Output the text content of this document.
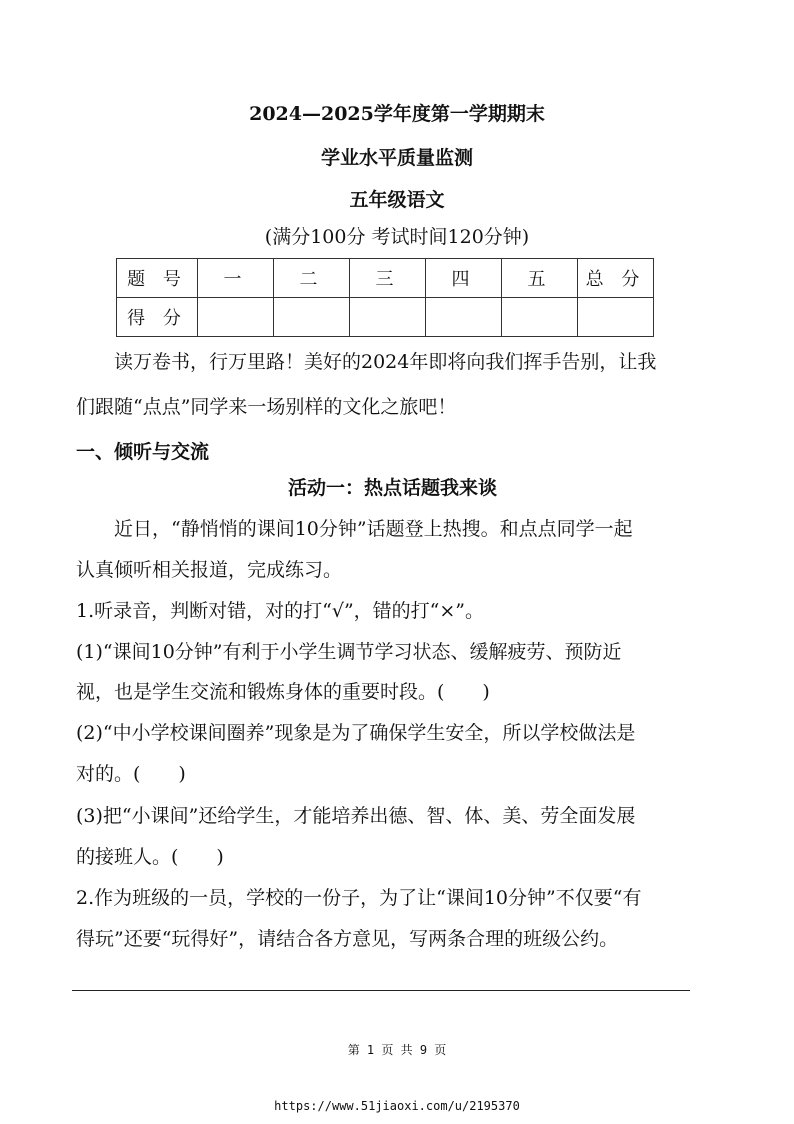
2024—2025学年度第一学期期末
学业水平质量监测
五年级语文
(满分100分 考试时间120分钟)
题 号	一	二	三	四	五	总 分
得 分						
读万卷书，行万里路！美好的2024年即将向我们挥手告别，让我
们跟随“点点”同学来一场别样的文化之旅吧！
一、倾听与交流
活动一：热点话题我来谈
近日，“静悄悄的课间10分钟”话题登上热搜。和点点同学一起
认真倾听相关报道，完成练习。
1.听录音，判断对错，对的打“√”，错的打“×”。
(1)“课间10分钟”有利于小学生调节学习状态、缓解疲劳、预防近
视，也是学生交流和锻炼身体的重要时段。(　　)
(2)“中小学校课间圈养”现象是为了确保学生安全，所以学校做法是
对的。(　　)
(3)把“小课间”还给学生，才能培养出德、智、体、美、劳全面发展
的接班人。(　　)
2.作为班级的一员，学校的一份子，为了让“课间10分钟”不仅要“有
得玩”还要“玩得好”，请结合各方意见，写两条合理的班级公约。
第 1 页 共 9 页
https://www.51jiaoxi.com/u/2195370
